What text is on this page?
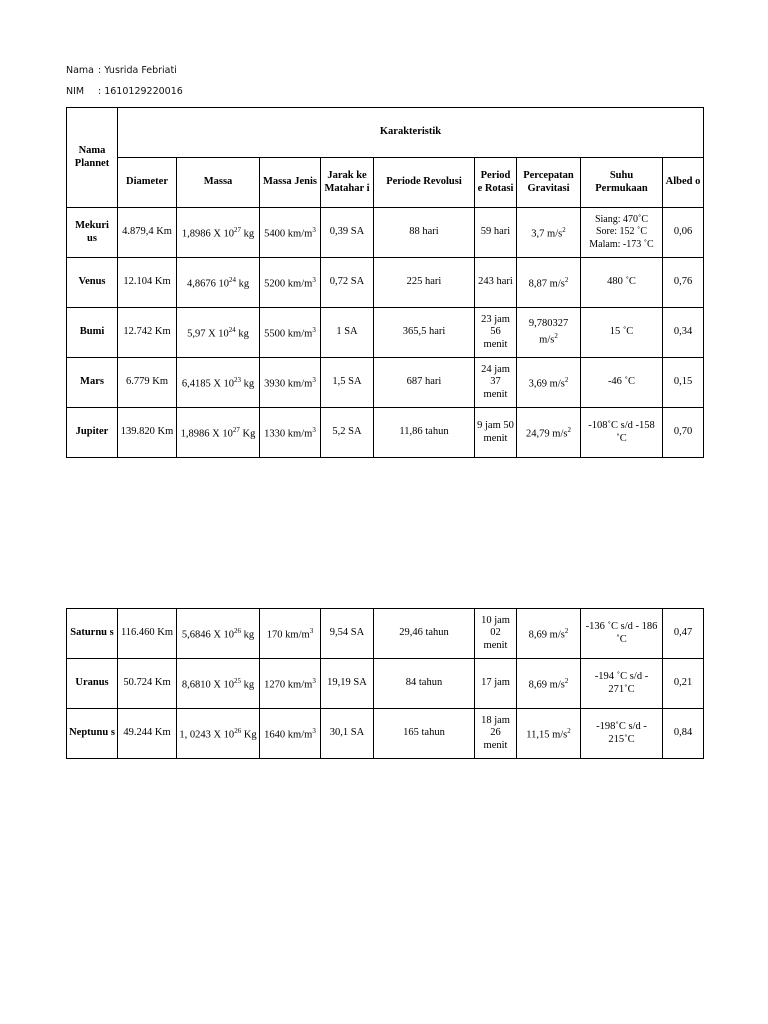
Nama : Yusrida Febriati
NIM : 1610129220016
Nama Plannet	Karakteristik								
	Diameter	Massa	Massa Jenis	Jarak ke Matahar i	Periode Revolusi	Period e Rotasi	Percepatan Gravitasi	Suhu Permukaan	Albed o
Mekuri us	4.879,4 Km	1,8986 X $10^{27}$ kg	5400 $km/m^3$	0,39 SA	88 hari	59 hari	3,7 $m/s^2$	Siang: 470˚C
Sore: 152 ˚C
Malam: -173 ˚C	0,06
Venus	12.104 Km	4,8676 $10^{24}$ kg	5200 $km/m^3$	0,72 SA	225 hari	243 hari	8,87 $m/s^2$	480 ˚C	0,76
Bumi	12.742 Km	5,97 X $10^{24}$ kg	5500 $km/m^3$	1 SA	365,5 hari	23 jam 56 menit	9,780327 $m/s^2$	15 ˚C	0,34
Mars	6.779 Km	6,4185 X $10^{23}$ kg	3930 $km/m^3$	1,5 SA	687 hari	24 jam 37 menit	3,69 $m/s^2$	-46 ˚C	0,15
Jupiter	139.820 Km	1,8986 X $10^{27}$ Kg	1330 $km/m^3$	5,2 SA	11,86 tahun	9 jam 50 menit	24,79 $m/s^2$	-108˚C s/d -158 ˚C	0,70
Saturnu s	116.460 Km	5,6846 X $10^{26}$ kg	170 $km/m^3$	9,54 SA	29,46 tahun	10 jam 02 menit	8,69 $m/s^2$	-136 ˚C s/d - 186 ˚C	0,47
Uranus	50.724 Km	8,6810 X $10^{25}$ kg	1270 $km/m^3$	19,19 SA	84 tahun	17 jam	8,69 $m/s^2$	-194 ˚C s/d - 271˚C	0,21
Neptunu s	49.244 Km	1, 0243 X $10^{26}$ Kg	1640 $km/m^3$	30,1 SA	165 tahun	18 jam 26 menit	11,15 $m/s^2$	-198˚C s/d - 215˚C	0,84
